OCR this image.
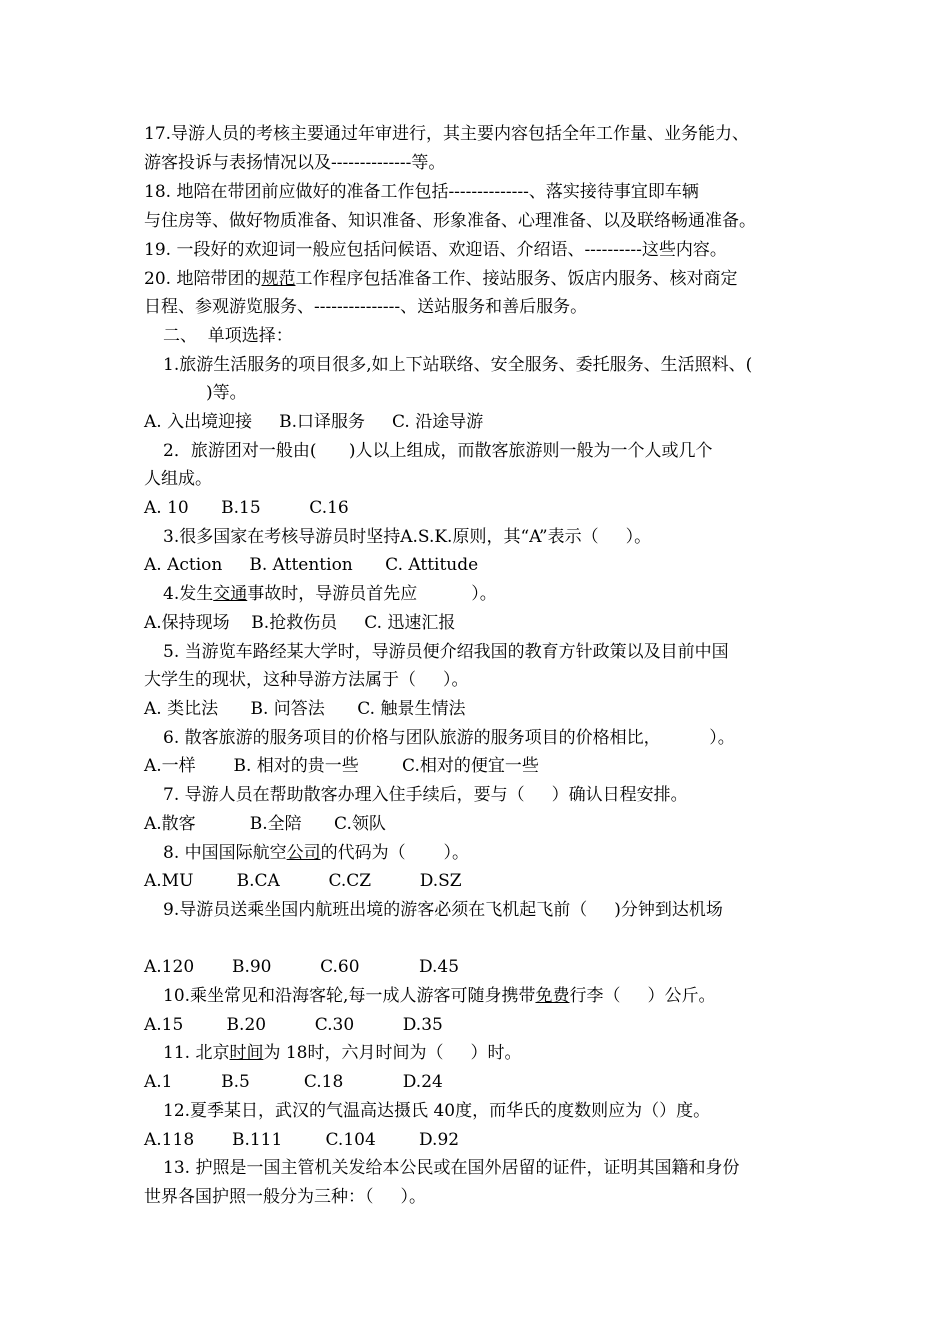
17.导游人员的考核主要通过年审进行，其主要内容包括全年工作量、业务能力、
游客投诉与表扬情况以及--------------等。
18. 地陪在带团前应做好的准备工作包括--------------、落实接待事宜即车辆
与住房等、做好物质准备、知识准备、形象准备、心理准备、以及联络畅通准备。
19. 一段好的欢迎词一般应包括问候语、欢迎语、介绍语、----------这些内容。
20. 地陪带团的规范工作程序包括准备工作、接站服务、饭店内服务、核对商定
日程、参观游览服务、---------------、送站服务和善后服务。
二、  单项选择：
1.旅游生活服务的项目很多,如上下站联络、安全服务、委托服务、生活照料、(
)等。
A. 入出境迎接     B.口译服务     C. 沿途导游
2．旅游团对一般由(      )人以上组成，而散客旅游则一般为一个人或几个
人组成。
A. 10      B.15         C.16
3.很多国家在考核导游员时坚持A.S.K.原则，其“A”表示（     ）。
A. Action     B. Attention      C. Attitude
4.发生交通事故时，导游员首先应          ）。
A.保持现场    B.抢救伤员     C. 迅速汇报
5. 当游览车路经某大学时，导游员便介绍我国的教育方针政策以及目前中国
大学生的现状，这种导游方法属于（     ）。
A. 类比法      B. 问答法      C. 触景生情法
6. 散客旅游的服务项目的价格与团队旅游的服务项目的价格相比，         ）。
A.一样       B. 相对的贵一些        C.相对的便宜一些
7. 导游人员在帮助散客办理入住手续后，要与（     ）确认日程安排。
A.散客          B.全陪      C.领队
8. 中国国际航空公司的代码为（       ）。
A.MU        B.CA         C.CZ         D.SZ
9.导游员送乘坐国内航班出境的游客必须在飞机起飞前（     )分钟到达机场
A.120       B.90         C.60           D.45
10.乘坐常见和沿海客轮,每一成人游客可随身携带免费行李（     ）公斤。
A.15        B.20         C.30         D.35
11. 北京时间为 18时，六月时间为（     ）时。
A.1         B.5          C.18           D.24
12.夏季某日，武汉的气温高达摄氏 40度，而华氏的度数则应为（）度。
A.118       B.111        C.104        D.92
13. 护照是一国主管机关发给本公民或在国外居留的证件，证明其国籍和身份
世界各国护照一般分为三种：（     ）。
